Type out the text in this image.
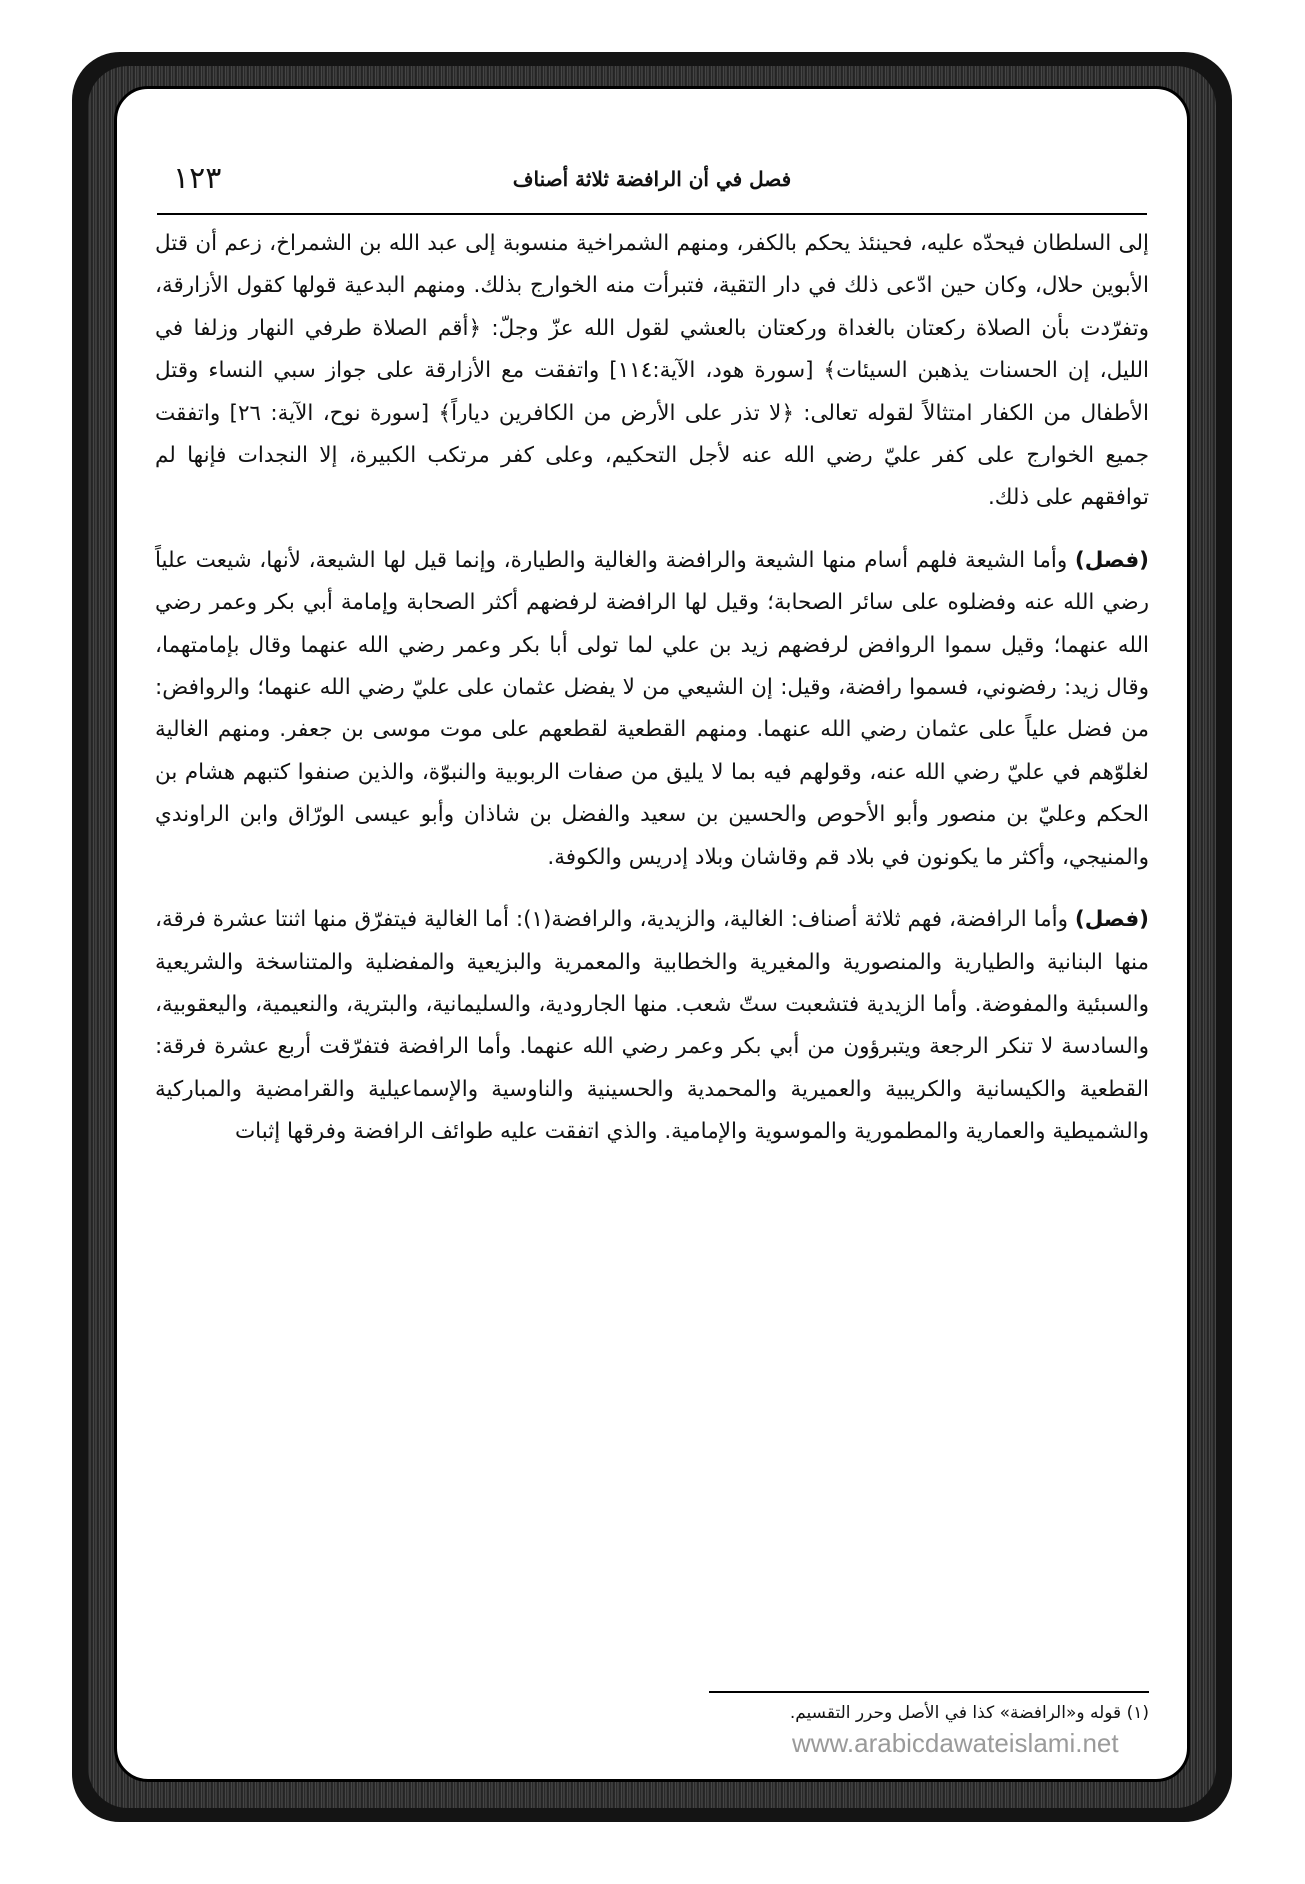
فصل في أن الرافضة ثلاثة أصناف
١٢٣

إلى السلطان فيحدّه عليه، فحينئذ يحكم بالكفر، ومنهم الشمراخية منسوبة إلى عبد الله بن الشمراخ، زعم أن قتل الأبوين حلال، وكان حين ادّعى ذلك في دار التقية، فتبرأت منه الخوارج بذلك. ومنهم البدعية قولها كقول الأزارقة، وتفرّدت بأن الصلاة ركعتان بالغداة وركعتان بالعشي لقول الله عزّ وجلّ: ﴿أقم الصلاة طرفي النهار وزلفا في الليل، إن الحسنات يذهبن السيئات﴾ [سورة هود، الآية:١١٤] واتفقت مع الأزارقة على جواز سبي النساء وقتل الأطفال من الكفار امتثالاً لقوله تعالى: ﴿لا تذر على الأرض من الكافرين دياراً﴾ [سورة نوح، الآية: ٢٦] واتفقت جميع الخوارج على كفر عليّ رضي الله عنه لأجل التحكيم، وعلى كفر مرتكب الكبيرة، إلا النجدات فإنها لم توافقهم على ذلك.

(فصل) وأما الشيعة فلهم أسام منها الشيعة والرافضة والغالية والطيارة، وإنما قيل لها الشيعة، لأنها، شيعت علياً رضي الله عنه وفضلوه على سائر الصحابة؛ وقيل لها الرافضة لرفضهم أكثر الصحابة وإمامة أبي بكر وعمر رضي الله عنهما؛ وقيل سموا الروافض لرفضهم زيد بن علي لما تولى أبا بكر وعمر رضي الله عنهما وقال بإمامتهما، وقال زيد: رفضوني، فسموا رافضة، وقيل: إن الشيعي من لا يفضل عثمان على عليّ رضي الله عنهما؛ والروافض: من فضل علياً على عثمان رضي الله عنهما. ومنهم القطعية لقطعهم على موت موسى بن جعفر. ومنهم الغالية لغلوّهم في عليّ رضي الله عنه، وقولهم فيه بما لا يليق من صفات الربوبية والنبوّة، والذين صنفوا كتبهم هشام بن الحكم وعليّ بن منصور وأبو الأحوص والحسين بن سعيد والفضل بن شاذان وأبو عيسى الورّاق وابن الراوندي والمنيجي، وأكثر ما يكونون في بلاد قم وقاشان وبلاد إدريس والكوفة.

(فصل) وأما الرافضة، فهم ثلاثة أصناف: الغالية، والزيدية، والرافضة(١): أما الغالية فيتفرّق منها اثنتا عشرة فرقة، منها البنانية والطيارية والمنصورية والمغيرية والخطابية والمعمرية والبزيعية والمفضلية والمتناسخة والشريعية والسبئية والمفوضة. وأما الزيدية فتشعبت ستّ شعب. منها الجارودية، والسليمانية، والبترية، والنعيمية، واليعقوبية، والسادسة لا تنكر الرجعة ويتبرؤون من أبي بكر وعمر رضي الله عنهما. وأما الرافضة فتفرّقت أربع عشرة فرقة: القطعية والكيسانية والكريبية والعميرية والمحمدية والحسينية والناوسية والإسماعيلية والقرامضية والمباركية والشميطية والعمارية والمطمورية والموسوية والإمامية. والذي اتفقت عليه طوائف الرافضة وفرقها إثبات

(١) قوله و«الرافضة» كذا في الأصل وحرر التقسيم.
www.arabicdawateislami.net
